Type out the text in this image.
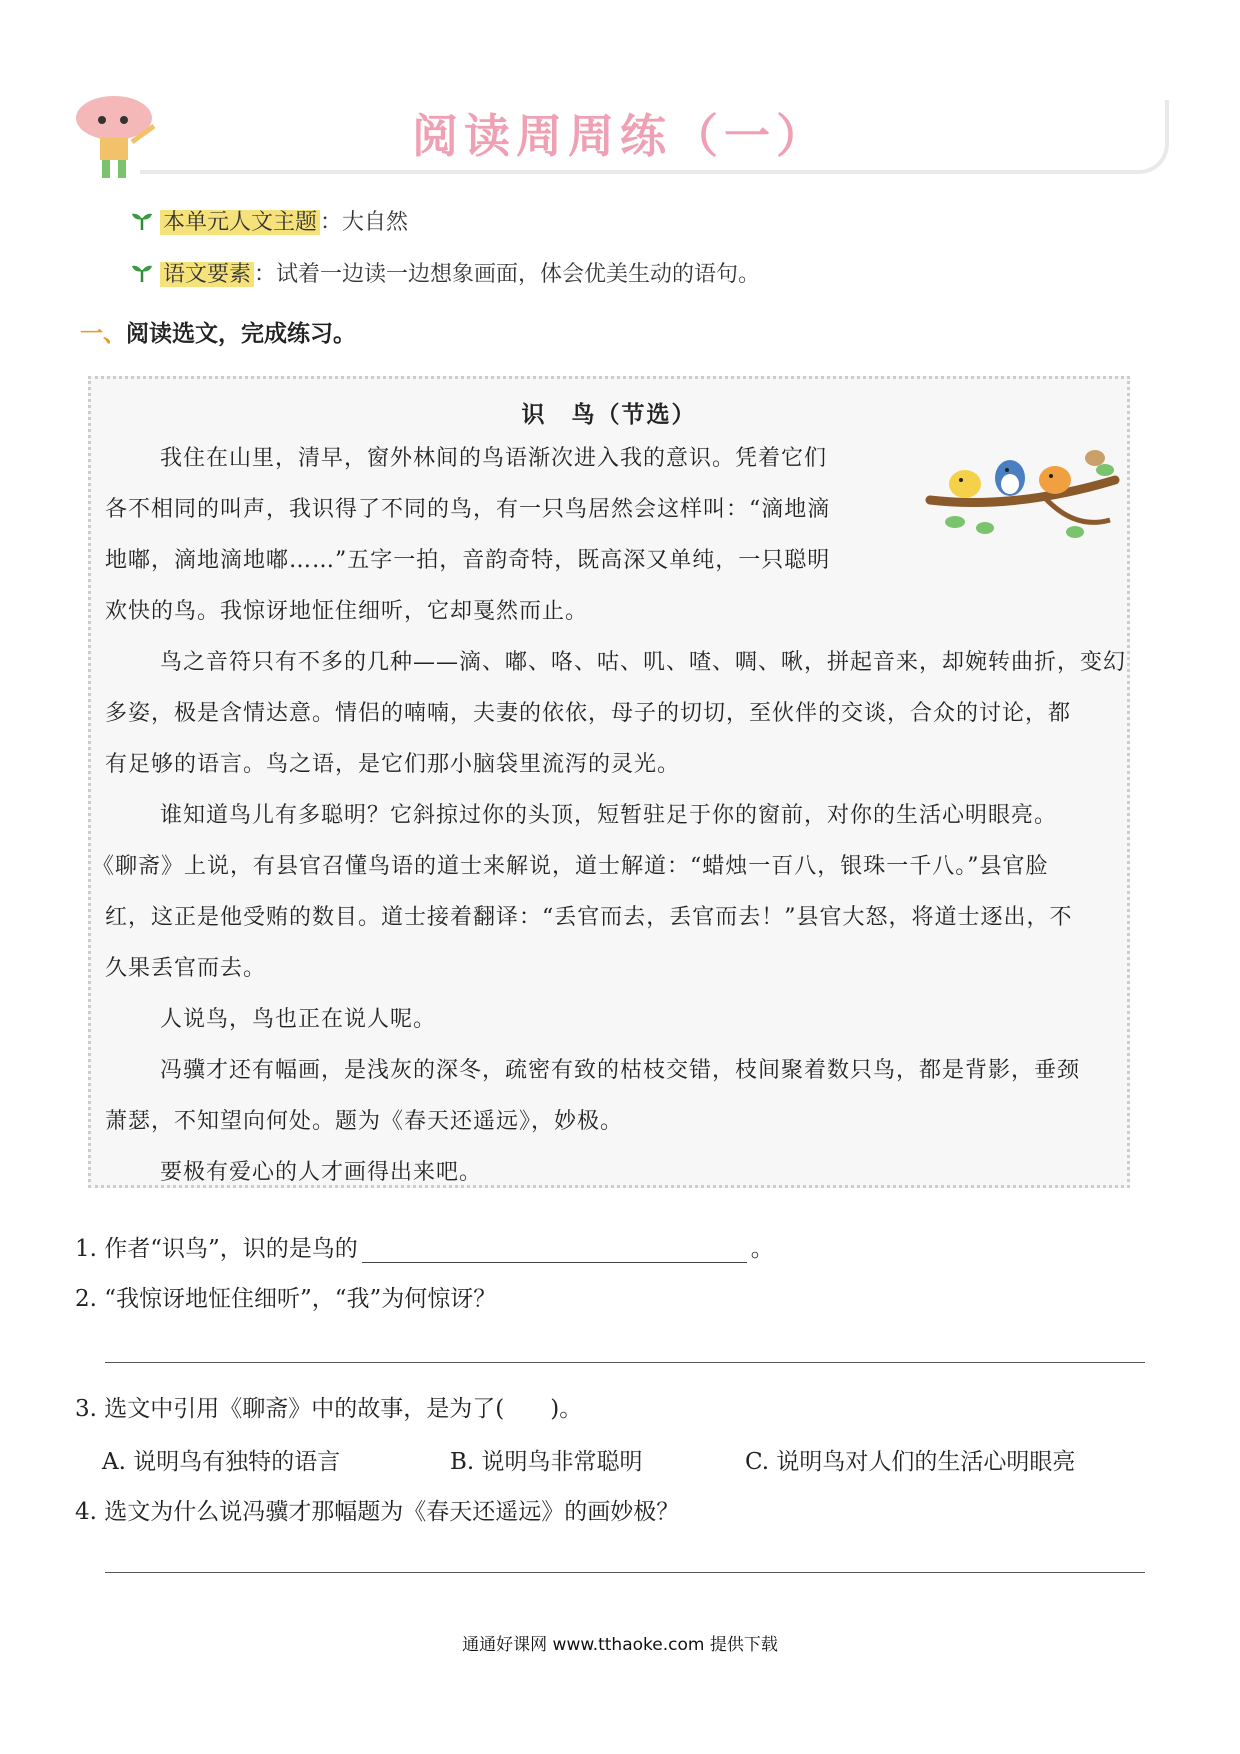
阅读周周练（一）
本单元人文主题 ：大自然
语文要素 ：试着一边读一边想象画面，体会优美生动的语句。
一、阅读选文，完成练习。
识　鸟（节选）
我住在山里，清早，窗外林间的鸟语渐次进入我的意识。凭着它们
各不相同的叫声，我识得了不同的鸟，有一只鸟居然会这样叫：“滴地滴
地嘟，滴地滴地嘟……”五字一拍，音韵奇特，既高深又单纯，一只聪明
欢快的鸟。我惊讶地怔住细听，它却戛然而止。
鸟之音符只有不多的几种——滴、嘟、咯、咕、叽、喳、啁、啾，拼起音来，却婉转曲折，变幻
多姿，极是含情达意。情侣的喃喃，夫妻的依依，母子的切切，至伙伴的交谈，合众的讨论，都
有足够的语言。鸟之语，是它们那小脑袋里流泻的灵光。
谁知道鸟儿有多聪明？它斜掠过你的头顶，短暂驻足于你的窗前，对你的生活心明眼亮。
《聊斋》上说，有县官召懂鸟语的道士来解说，道士解道：“蜡烛一百八，银珠一千八。”县官脸
红，这正是他受贿的数目。道士接着翻译：“丢官而去，丢官而去！”县官大怒，将道士逐出，不
久果丢官而去。
人说鸟，鸟也正在说人呢。
冯骥才还有幅画，是浅灰的深冬，疏密有致的枯枝交错，枝间聚着数只鸟，都是背影，垂颈
萧瑟，不知望向何处。题为《春天还遥远》，妙极。
要极有爱心的人才画得出来吧。
1. 作者“识鸟”，识的是鸟的	。
2. “我惊讶地怔住细听”，“我”为何惊讶？
3. 选文中引用《聊斋》中的故事，是为了(　　)。
A. 说明鸟有独特的语言	B. 说明鸟非常聪明	C. 说明鸟对人们的生活心明眼亮
4. 选文为什么说冯骥才那幅题为《春天还遥远》的画妙极？
通通好课网 www.tthaoke.com 提供下载
